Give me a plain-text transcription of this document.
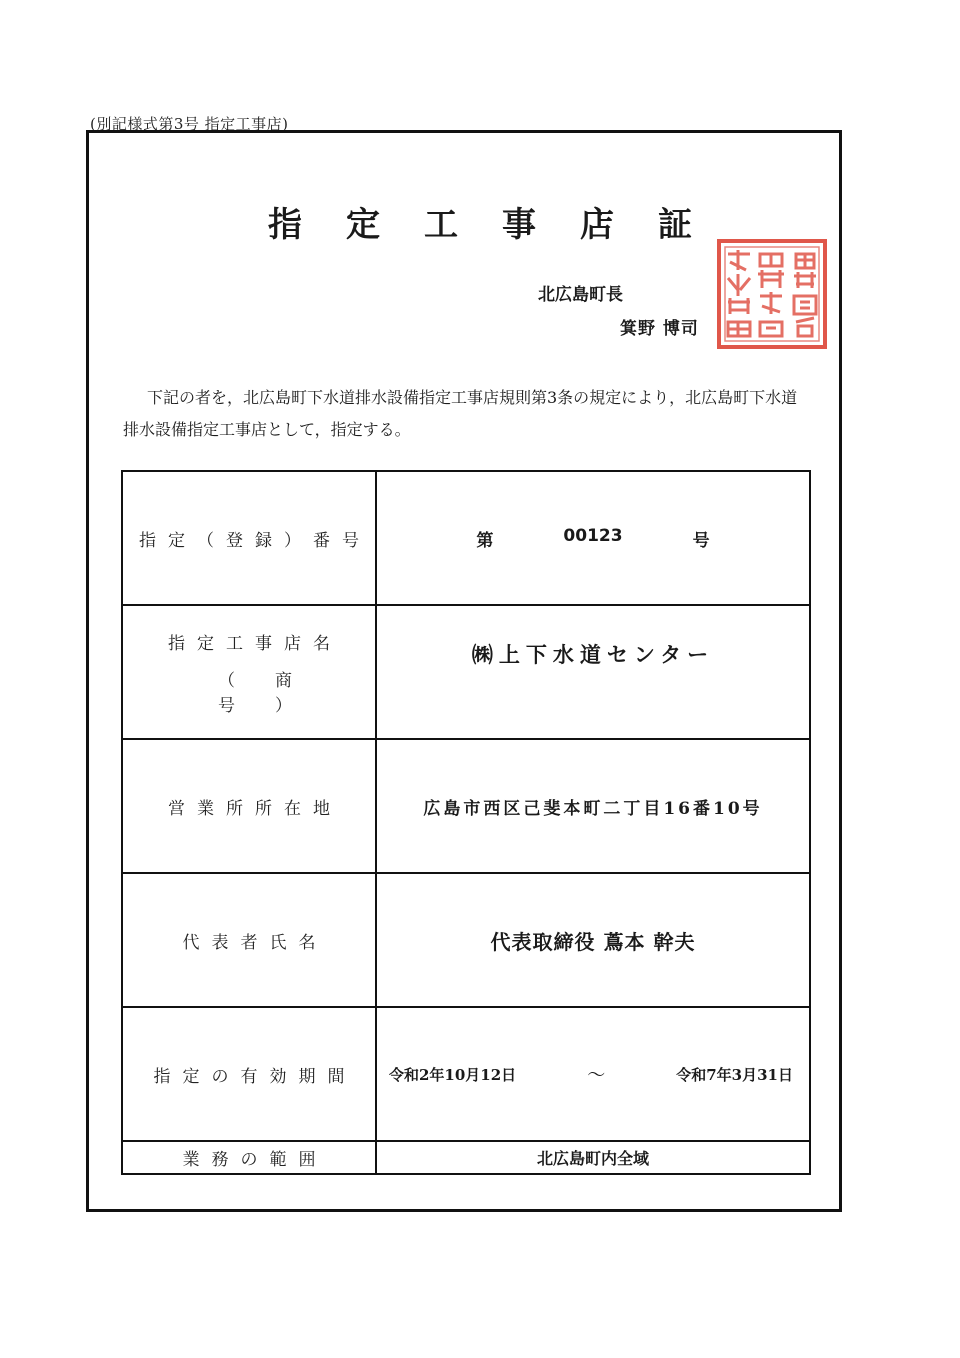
(別記様式第3号 指定工事店)
指定工事店証
北広島町長
箕野 博司
下記の者を，北広島町下水道排水設備指定工事店規則第3条の規定により，北広島町下水道排水設備指定工事店として，指定する。
指定（登録）番号	第 00123 号

指定工事店名
（商号）	㈱上下水道センター
営業所所在地	広島市西区己斐本町二丁目16番10号
代表者氏名	代表取締役 蔦本 幹夫
指定の有効期間	令和2年10月12日 ～ 令和7年3月31日

業務の範囲	北広島町内全域
